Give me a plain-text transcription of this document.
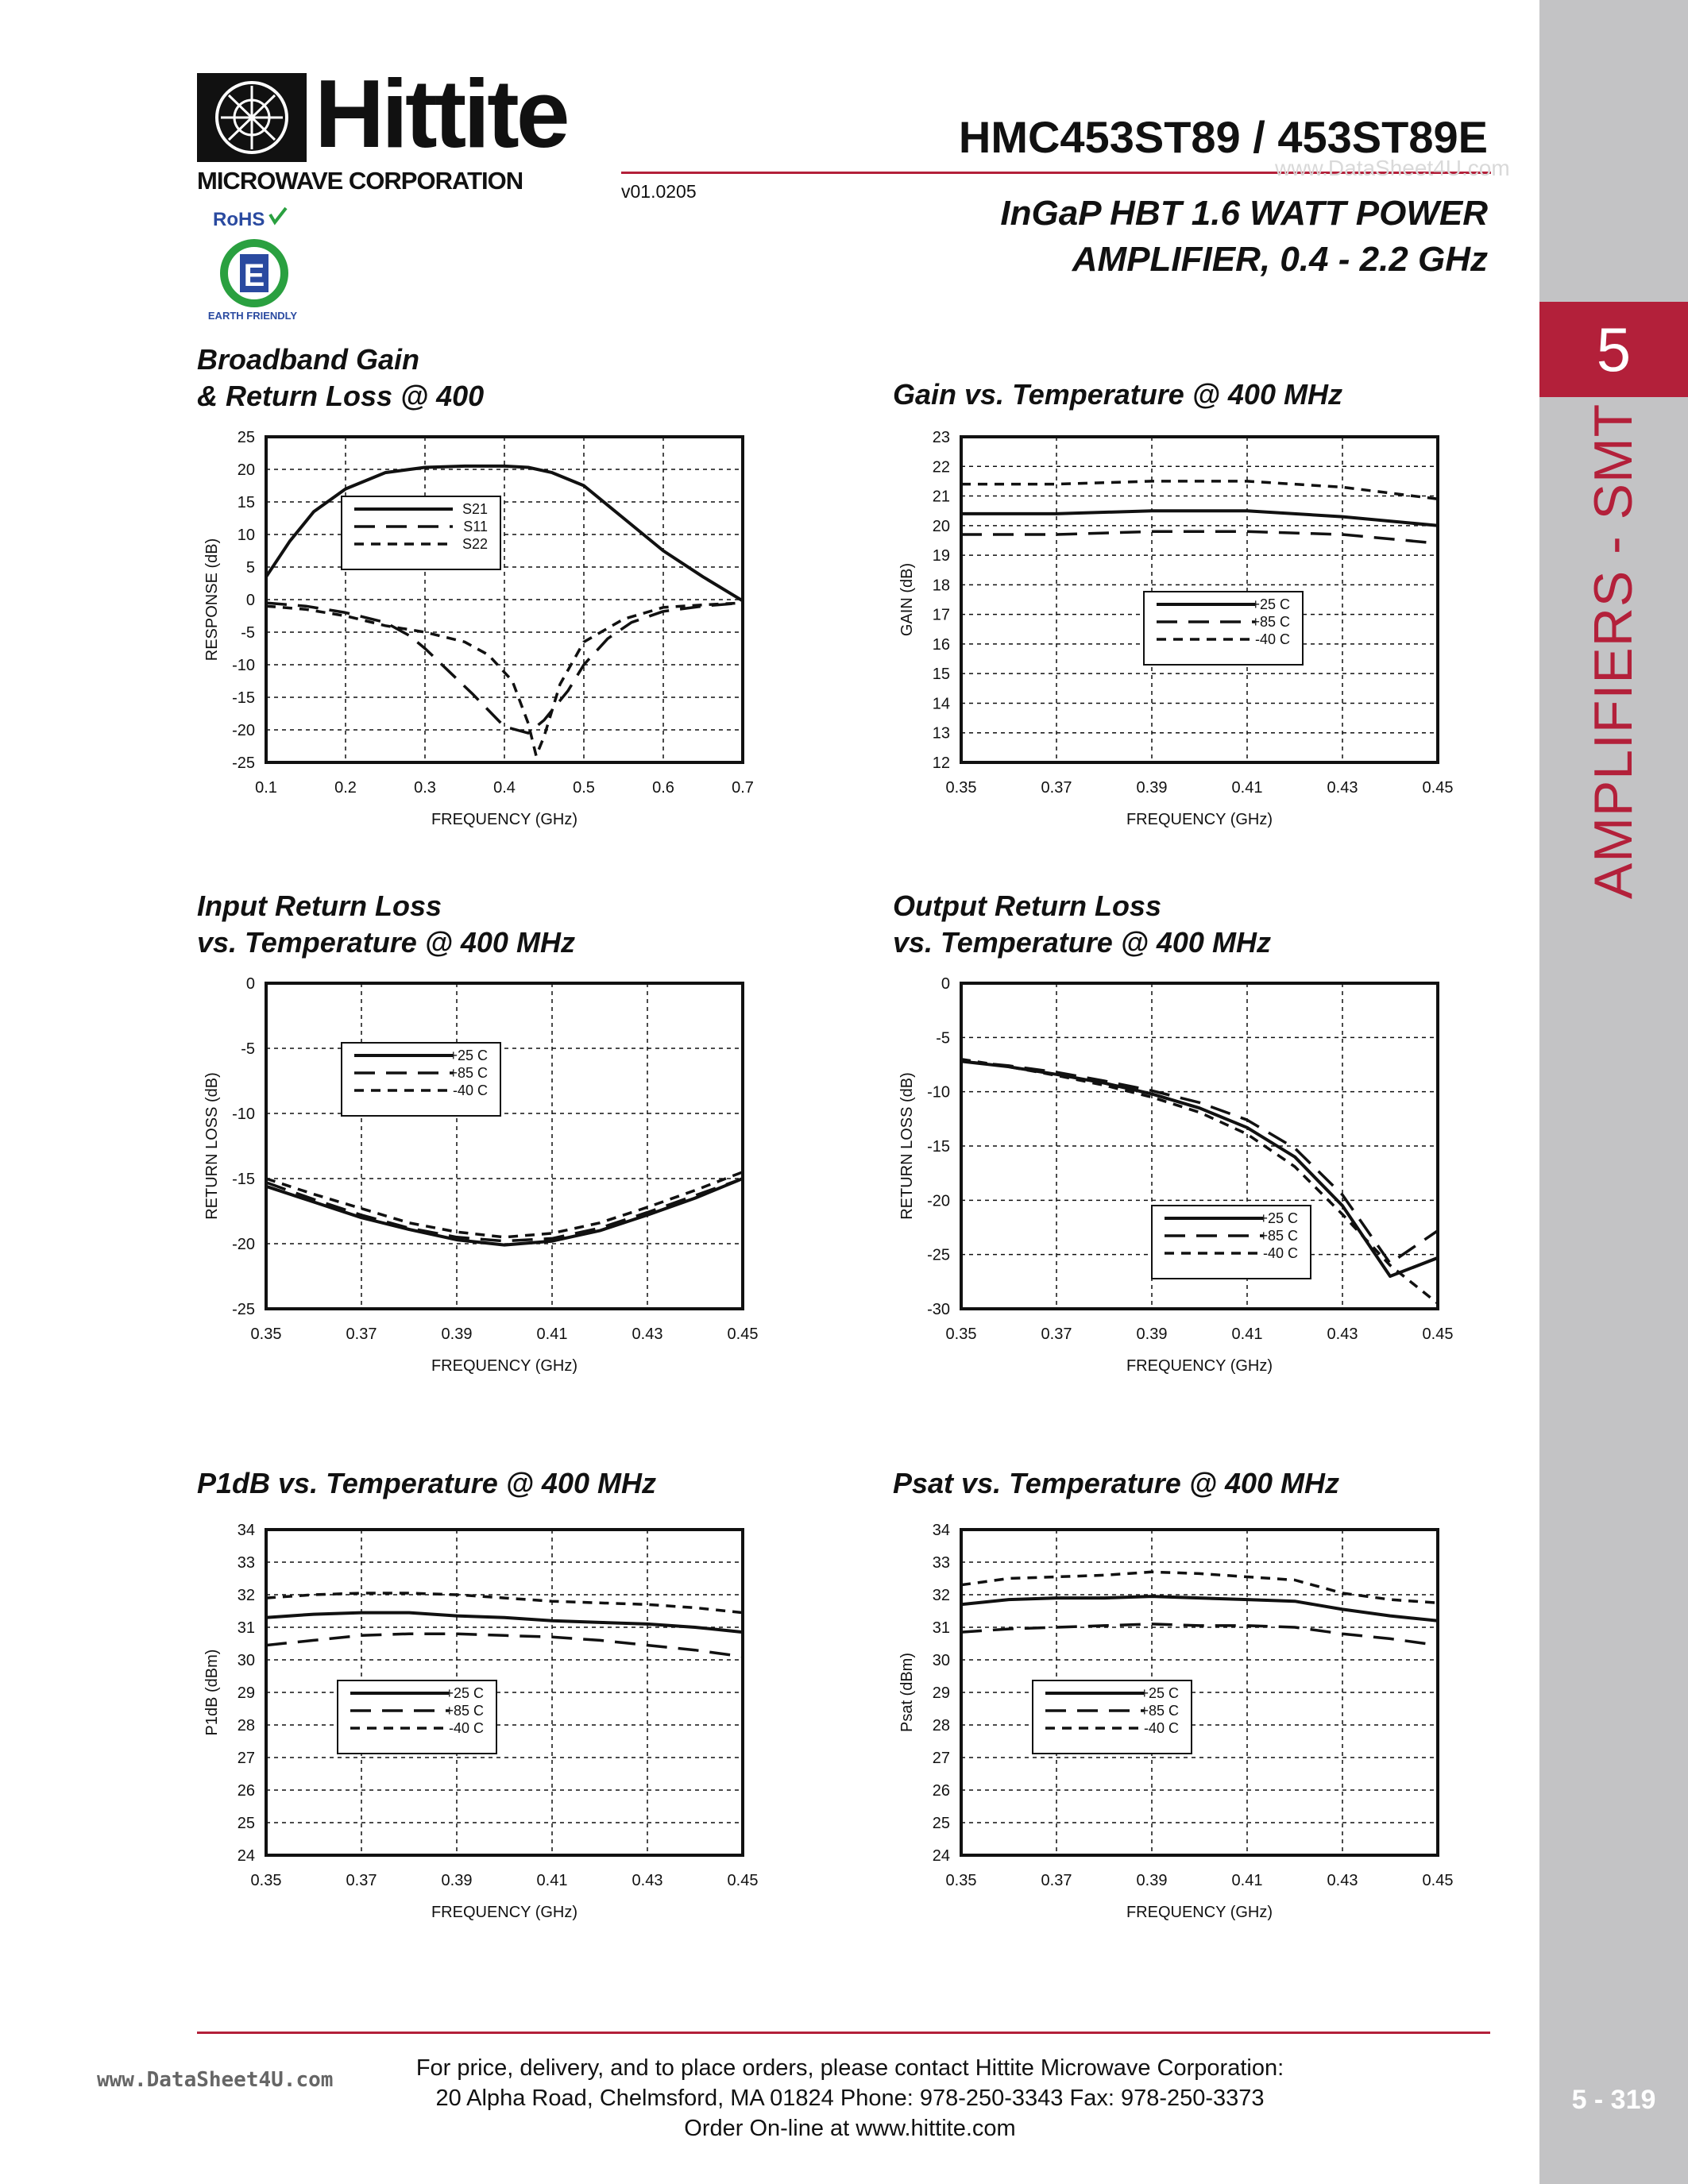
5
AMPLIFIERS - SMT
5 - 319
Hittite
MICROWAVE CORPORATION	v01.0205
RoHS
E
EARTH FRIENDLY
HMC453ST89 / 453ST89E
www.DataSheet4U.com
InGaP HBT 1.6 WATT POWER
AMPLIFIER, 0.4 - 2.2 GHz
Broadband Gain
& Return Loss @ 400
0.1	0.2	0.3	0.4	0.5	0.6	0.7
25
20
15
10
5
0
-5
-10
-15
-20
-25
FREQUENCY (GHz)
RESPONSE (dB)
S21
S11
S22
Gain vs. Temperature @ 400 MHz
0.35	0.37	0.39	0.41	0.43	0.45
23
22
21
20
19
18
17
16
15
14
13
12
FREQUENCY (GHz)
GAIN (dB)	+25 C
+85 C
-40 C
Input Return Loss
vs. Temperature @ 400 MHz
0.35	0.37	0.39	0.41	0.43	0.45
0
-5
-10
-15
-20
-25
FREQUENCY (GHz)
RETURN LOSS (dB)
+25 C
+85 C
-40 C
Output Return Loss
vs. Temperature @ 400 MHz
0.35	0.37	0.39	0.41	0.43	0.45
0
-5
-10
-15
-20
-25
-30
FREQUENCY (GHz)
RETURN LOSS (dB)	+25 C
+85 C
-40 C
P1dB vs. Temperature @ 400 MHz
0.35	0.37	0.39	0.41	0.43	0.45
34
33
32
31
30
29
28
27
26
25
24
FREQUENCY (GHz)
P1dB (dBm)	+25 C
+85 C
-40 C
Psat vs. Temperature @ 400 MHz
0.35	0.37	0.39	0.41	0.43	0.45
34
33
32
31
30
29
28
27
26
25
24
FREQUENCY (GHz)
Psat (dBm)	+25 C
+85 C
-40 C
For price, delivery, and to place orders, please contact Hittite Microwave Corporation:
20 Alpha Road, Chelmsford, MA 01824 Phone: 978-250-3343 Fax: 978-250-3373
Order On-line at www.hittite.com
www.DataSheet4U.com
